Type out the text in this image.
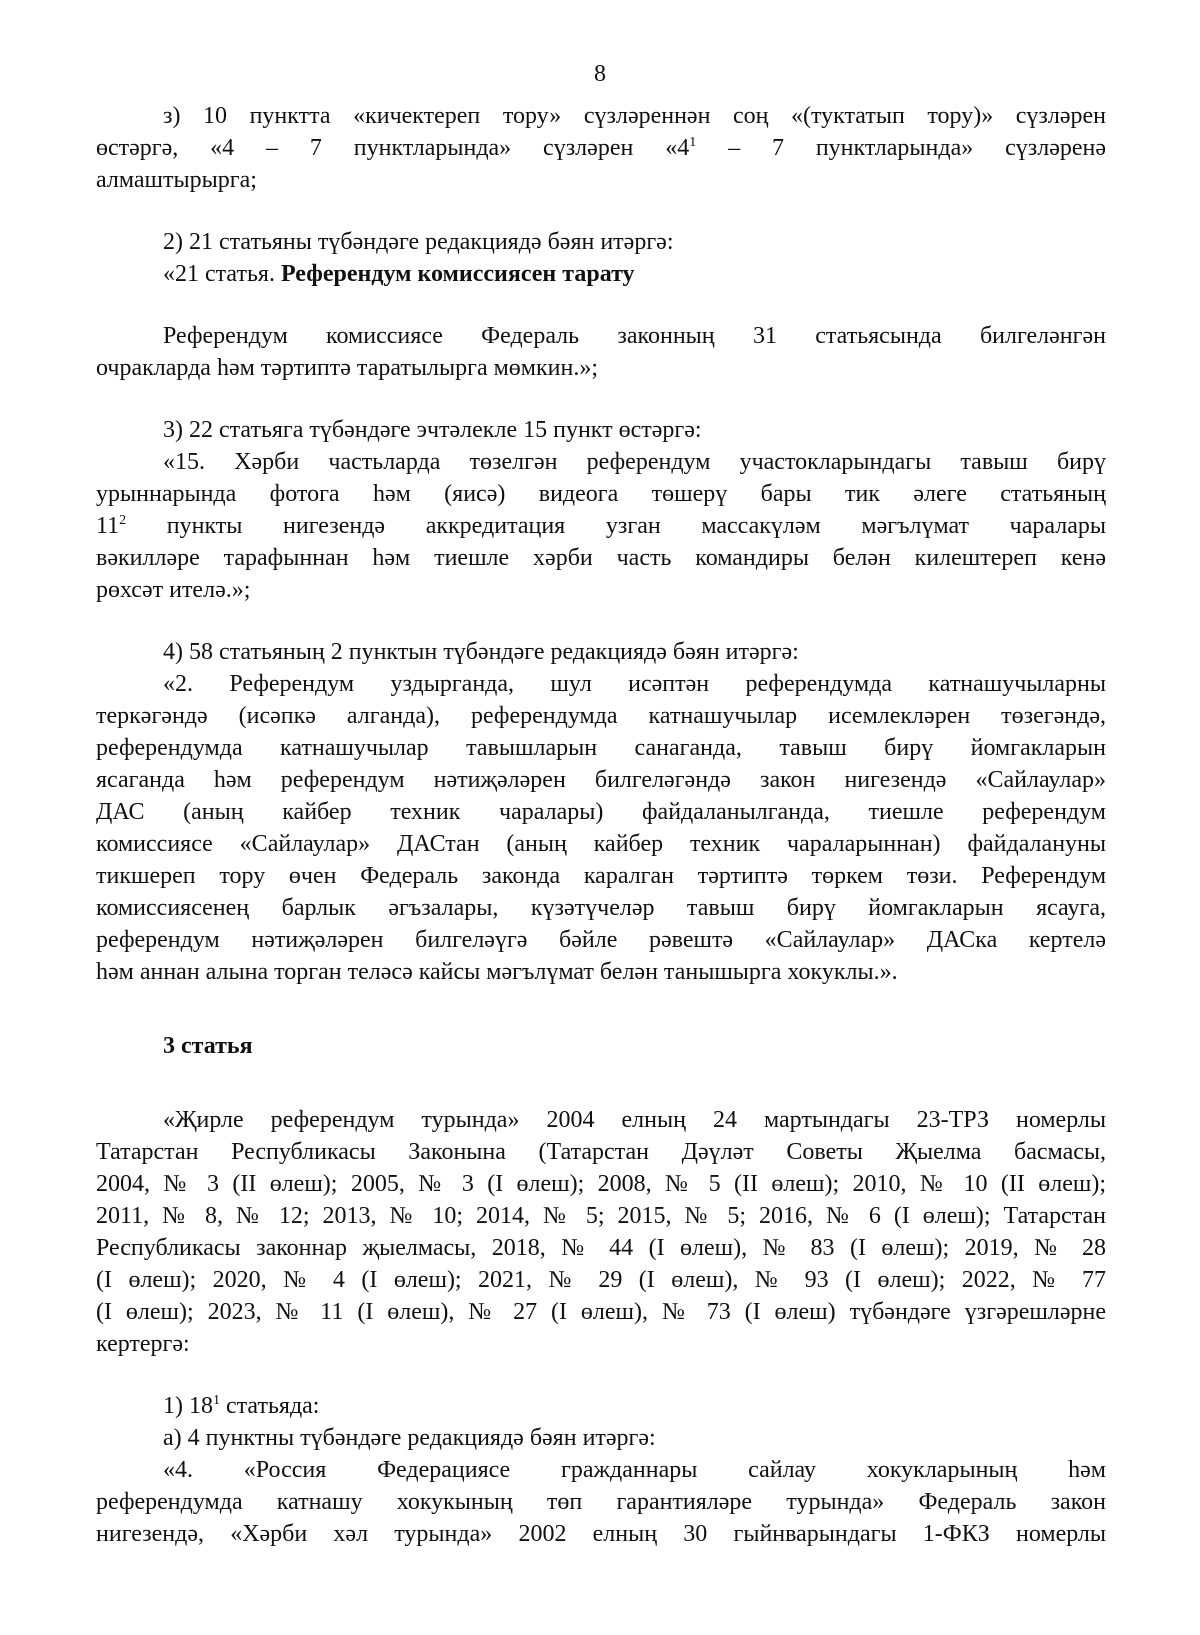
8

з) 10 пунктта «кичектереп тору» сүзләреннән соң «(туктатып тору)» сүзләрен

өстәргә, «4 – 7 пунктларында» сүзләрен «$4^1 - 7$ пунктларында» сүзләренә

алмаштырырга;

2) 21 статьяны түбәндәге редакциядә бәян итәргә:

«21 статья. Референдум комиссиясен тарату

Референдум комиссиясе Федераль законның 31 статьясында билгеләнгән

очракларда һәм тәртиптә таратылырга мөмкин.»;

3) 22 статьяга түбәндәге эчтәлекле 15 пункт өстәргә:

«15. Хәрби частьларда төзелгән референдум участокларындагы тавыш бирү

урыннарында фотога һәм (яисә) видеога төшерү бары тик әлеге статьяның

$11^2$ пункты нигезендә аккредитация узган массакүләм мәгълүмат чаралары

вәкилләре тарафыннан һәм тиешле хәрби часть командиры белән килештереп кенә

рөхсәт ителә.»;

4) 58 статьяның 2 пунктын түбәндәге редакциядә бәян итәргә:

«2. Референдум уздырганда, шул исәптән референдумда катнашучыларны

теркәгәндә (исәпкә алганда), референдумда катнашучылар исемлекләрен төзегәндә,

референдумда катнашучылар тавышларын санаганда, тавыш бирү йомгакларын

ясаганда һәм референдум нәтиҗәләрен билгеләгәндә закон нигезендә «Сайлаулар»

ДАС (аның кайбер техник чаралары) файдаланылганда, тиешле референдум

комиссиясе «Сайлаулар» ДАСтан (аның кайбер техник чараларыннан) файдалануны

тикшереп тору өчен Федераль законда каралган тәртиптә төркем төзи. Референдум

комиссиясенең барлык әгъзалары, күзәтүчеләр тавыш бирү йомгакларын ясауга,

референдум нәтиҗәләрен билгеләүгә бәйле рәвештә «Сайлаулар» ДАСка кертелә

һәм аннан алына торган теләсә кайсы мәгълүмат белән танышырга хокуклы.».

3 статья

«Җирле референдум турында» 2004 елның 24 мартындагы 23-ТРЗ номерлы

Татарстан Республикасы Законына (Татарстан Дәүләт Советы Җыелма басмасы,

2004, № 3 (II өлеш); 2005, № 3 (I өлеш); 2008, № 5 (II өлеш); 2010, № 10 (II өлеш);

2011, № 8, № 12; 2013, № 10; 2014, № 5; 2015, № 5; 2016, № 6 (I өлеш); Татарстан

Республикасы законнар җыелмасы, 2018, № 44 (I өлеш), № 83 (I өлеш); 2019, № 28

(I өлеш); 2020, № 4 (I өлеш); 2021, № 29 (I өлеш), № 93 (I өлеш); 2022, № 77

(I өлеш); 2023, № 11 (I өлеш), № 27 (I өлеш), № 73 (I өлеш) түбәндәге үзгәрешләрне

кертергә:

1) $18^1$ статьяда:

а) 4 пунктны түбәндәге редакциядә бәян итәргә:

«4. «Россия Федерациясе гражданнары сайлау хокукларының һәм

референдумда катнашу хокукының төп гарантияләре турында» Федераль закон

нигезендә, «Хәрби хәл турында» 2002 елның 30 гыйнварындагы 1-ФКЗ номерлы
